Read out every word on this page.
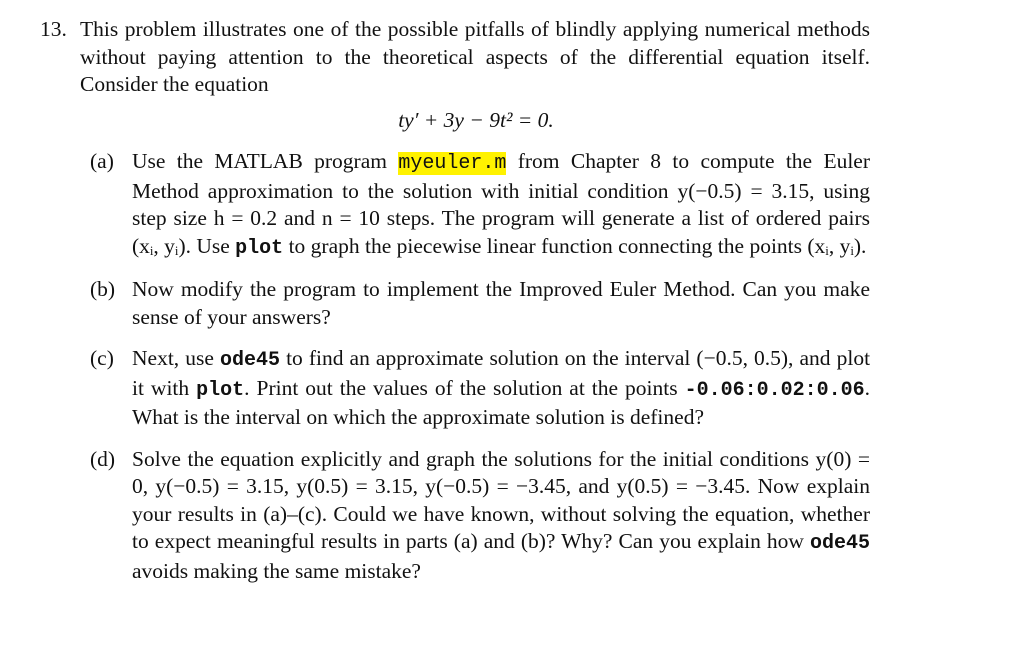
13. This problem illustrates one of the possible pitfalls of blindly applying numerical methods without paying attention to the theoretical aspects of the differential equation itself. Consider the equation
ty′ + 3y − 9t² = 0.
(a) Use the MATLAB program myeuler.m from Chapter 8 to compute the Euler Method approximation to the solution with initial condition y(−0.5) = 3.15, using step size h = 0.2 and n = 10 steps. The program will generate a list of ordered pairs (xᵢ, yᵢ). Use plot to graph the piecewise linear function connecting the points (xᵢ, yᵢ).
(b) Now modify the program to implement the Improved Euler Method. Can you make sense of your answers?
(c) Next, use ode45 to find an approximate solution on the interval (−0.5, 0.5), and plot it with plot. Print out the values of the solution at the points -0.06:0.02:0.06. What is the interval on which the approximate solution is defined?
(d) Solve the equation explicitly and graph the solutions for the initial conditions y(0) = 0, y(−0.5) = 3.15, y(0.5) = 3.15, y(−0.5) = −3.45, and y(0.5) = −3.45. Now explain your results in (a)–(c). Could we have known, without solving the equation, whether to expect meaningful results in parts (a) and (b)? Why? Can you explain how ode45 avoids making the same mistake?
